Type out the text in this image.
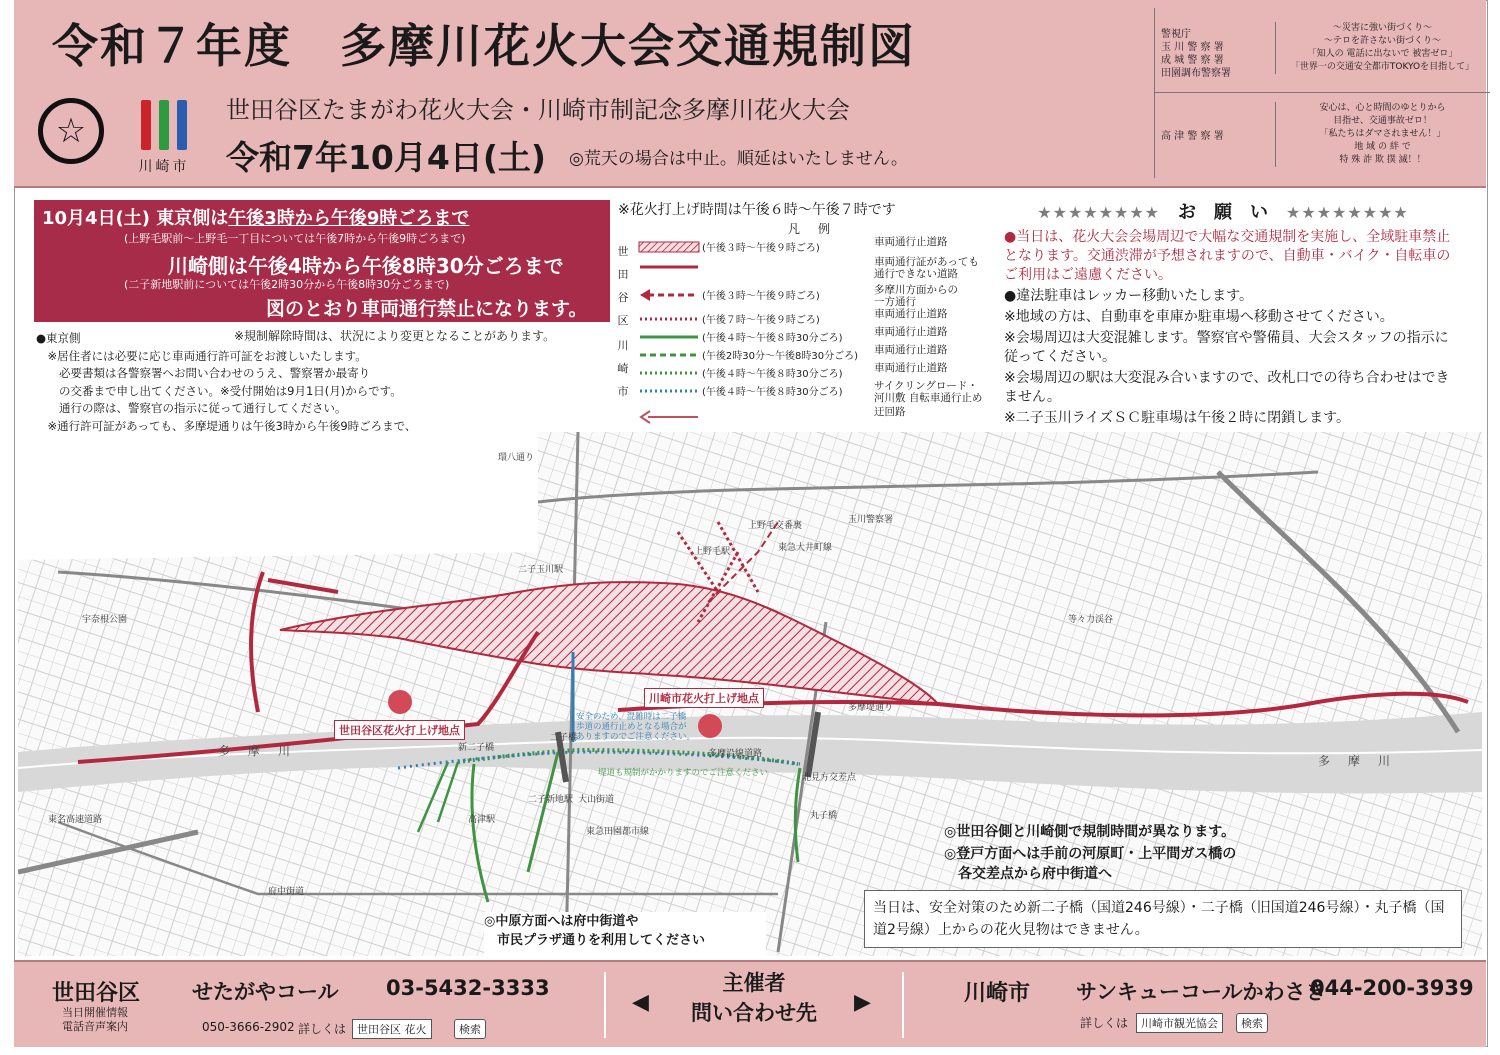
令和７年度　多摩川花火大会交通規制図
☆
川崎市
世田谷区たまがわ花火大会・川崎市制記念多摩川花火大会
令和7年10月4日(土) ◎荒天の場合は中止。順延はいたしません。
警視庁
玉 川 警 察 署
成 城 警 察 署
田園調布警察署
〜災害に強い街づくり〜
〜テロを許さない街づくり〜
「知人の 電話に出ないで 被害ゼロ」
「世界一の交通安全都市TOKYOを目指して」
高 津 警 察 署
安心は、心と時間のゆとりから
目指せ、交通事故ゼロ！
「私たちはダマされません！」
地 域 の 絆 で
特 殊 詐 欺 撲 滅！！
10月4日(土) 東京側は午後3時から午後9時ごろまで
(上野毛駅前〜上野毛一丁目については午後7時から午後9時ごろまで)
川崎側は午後4時から午後8時30分ごろまで
(二子新地駅前については午後2時30分から午後8時30分ごろまで)
図のとおり車両通行禁止になります。
※規制解除時間は、状況により変更となることがあります。
●東京側
　※居住者には必要に応じ車両通行許可証をお渡しいたします。
　　必要書類は各警察署へお問い合わせのうえ、警察署か最寄り
　　の交番まで申し出てください。※受付開始は9月1日(月)からです。
　　通行の際は、警察官の指示に従って通行してください。
　※通行許可証があっても、多摩堤通りは午後3時から午後9時ごろまで、

※花火打上げ時間は午後６時〜午後７時です
凡例
世田谷区
川崎市
(午後３時〜午後９時ごろ)
車両通行止道路
車両通行証があっても
通行できない道路
(午後３時〜午後９時ごろ)
多摩川方面からの
一方通行
(午後７時〜午後９時ごろ)
車両通行止道路
(午後４時〜午後８時30分ごろ)
車両通行止道路
(午後2時30分〜午後8時30分ごろ)
車両通行止道路
(午後４時〜午後８時30分ごろ)
車両通行止道路
(午後４時〜午後８時30分ごろ)
サイクリングロード・
河川敷 自転車通行止め
迂回路
★★★★★★★★　 お　願　い　 ★★★★★★★★
●当日は、花火大会会場周辺で大幅な交通規制を実施し、全域駐車禁止となります。交通渋滞が予想されますので、自動車・バイク・自転車のご利用はご遠慮ください。
●違法駐車はレッカー移動いたします。
※地域の方は、自動車を車庫か駐車場へ移動させてください。
※会場周辺は大変混雑します。警察官や警備員、大会スタッフの指示に従ってください。
※会場周辺の駅は大変混み合いますので、改札口での待ち合わせはできません。
※二子玉川ライズＳＣ駐車場は午後２時に閉鎖します。
世田谷区花火打上げ地点
川崎市花火打上げ地点
安全のため、混雑時は二子橋
歩道の通行止めとなる場合が
ありますのでご注意ください。
堤道も規制がかかりますのでご注意ください
多摩川
多摩川
環八通り
上野毛交番裏
上野毛駅
二子玉川駅
多摩堤通り
多摩沿線道路
府中街道
大山街道
新二子橋
二子橋
二子新地駅
高津駅
東急田園都市線
北見方交差点
東名高速道路
東急大井町線
玉川警察署
宇奈根公園	等々力渓谷
丸子橋
◎世田谷側と川崎側で規制時間が異なります。
◎登戸方面へは手前の河原町・上平間ガス橋の
　各交差点から府中街道へ
当日は、安全対策のため新二子橋（国道246号線）・二子橋（旧国道246号線）・丸子橋（国道2号線）上からの花火見物はできません。
◎中原方面へは府中街道や
　市民プラザ通りを利用してください
世田谷区 せたがやコール 03-5432-3333
当日開催情報
電話音声案内	050-3666-2902 詳しくは 世田谷区 花火	検索
◀
主催者
問い合わせ先	▶	川崎市 サンキューコールかわさき
044-200-3939
詳しくは	川崎市観光協会	検索
